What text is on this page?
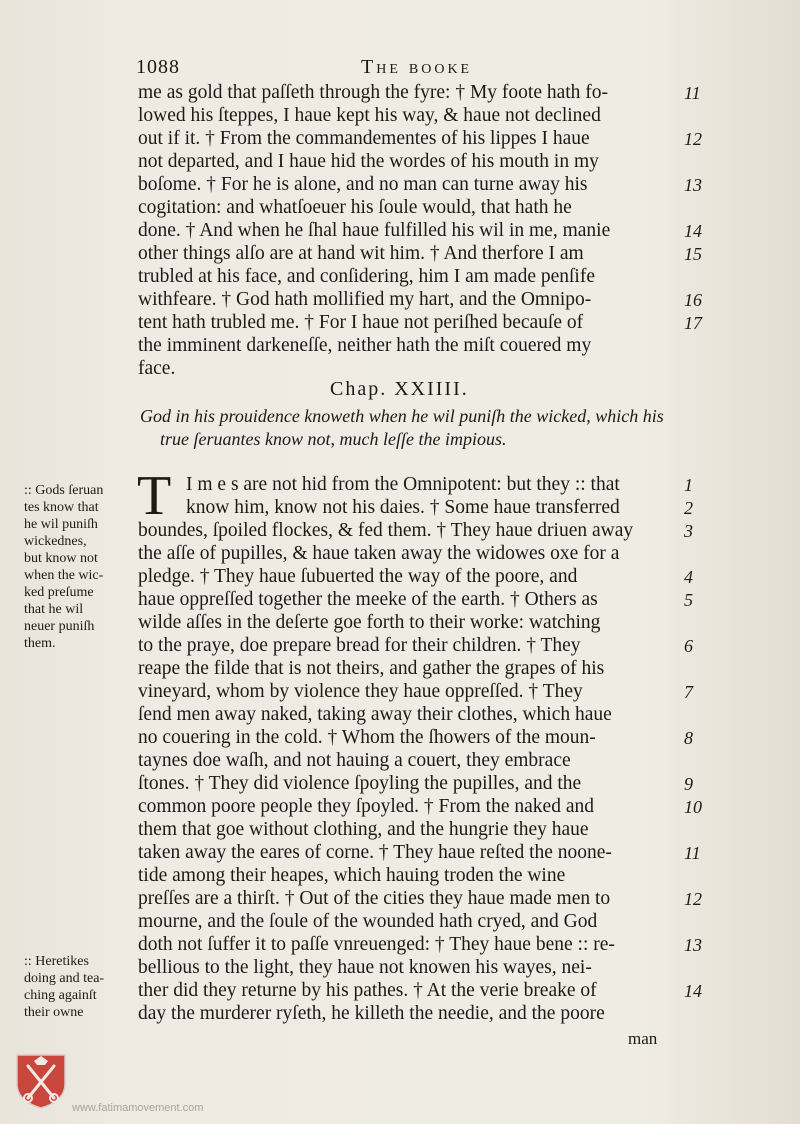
1088	The booke
me as gold that paſſeth through the fyre: † My foote hath fo-
lowed his ſteppes, I haue kept his way, & haue not declined
out if it. † From the commandementes of his lippes I haue
not departed, and I haue hid the wordes of his mouth in my
boſome. † For he is alone, and no man can turne away his
cogitation: and whatſoeuer his ſoule would, that hath he
done. † And when he ſhal haue fulfilled his wil in me, manie
other things alſo are at hand wit him. † And therfore I am
trubled at his face, and conſidering, him I am made penſife
withfeare. † God hath mollified my hart, and the Omnipo-
tent hath trubled me. † For I haue not periſhed becauſe of
the imminent darkeneſſe, neither hath the miſt couered my
face.
11
12
13
14
15
16
17
Chap. XXIIII.
God in his prouidence knoweth when he wil puniſh the wicked, which his
true ſeruantes know not, much leſſe the impious.
T I m e s are not hid from the Omnipotent: but they :: that
know him, know not his daies. † Some haue transferred
boundes, ſpoiled flockes, & fed them. † They haue driuen away
the aſſe of pupilles, & haue taken away the widowes oxe for a
pledge. † They haue ſubuerted the way of the poore, and
haue oppreſſed together the meeke of the earth. † Others as
wilde aſſes in the deſerte goe forth to their worke: watching
to the praye, doe prepare bread for their children. † They
reape the filde that is not theirs, and gather the grapes of his
vineyard, whom by violence they haue oppreſſed. † They
ſend men away naked, taking away their clothes, which haue
no couering in the cold. † Whom the ſhowers of the moun-
taynes doe waſh, and not hauing a couert, they embrace
ſtones. † They did violence ſpoyling the pupilles, and the
common poore people they ſpoyled. † From the naked and
them that goe without clothing, and the hungrie they haue
taken away the eares of corne. † They haue reſted the noone-
tide among their heapes, which hauing troden the wine
preſſes are a thirſt. † Out of the cities they haue made men to
mourne, and the ſoule of the wounded hath cryed, and God
doth not ſuffer it to paſſe vnreuenged: † They haue bene :: re-
bellious to the light, they haue not knowen his wayes, nei-
ther did they returne by his pathes. † At the verie breake of
day the murderer ryſeth, he killeth the needie, and the poore
1
2
3
4
5
6
7
8
9
10
11
12
13
14
:: Gods ſeruan
tes know that
he wil puniſh
wickednes,
but know not
when the wic-
ked preſume
that he wil
neuer puniſh
them.
:: Heretikes
doing and tea-
ching againſt
their owne
man
www.fatimamovement.com
